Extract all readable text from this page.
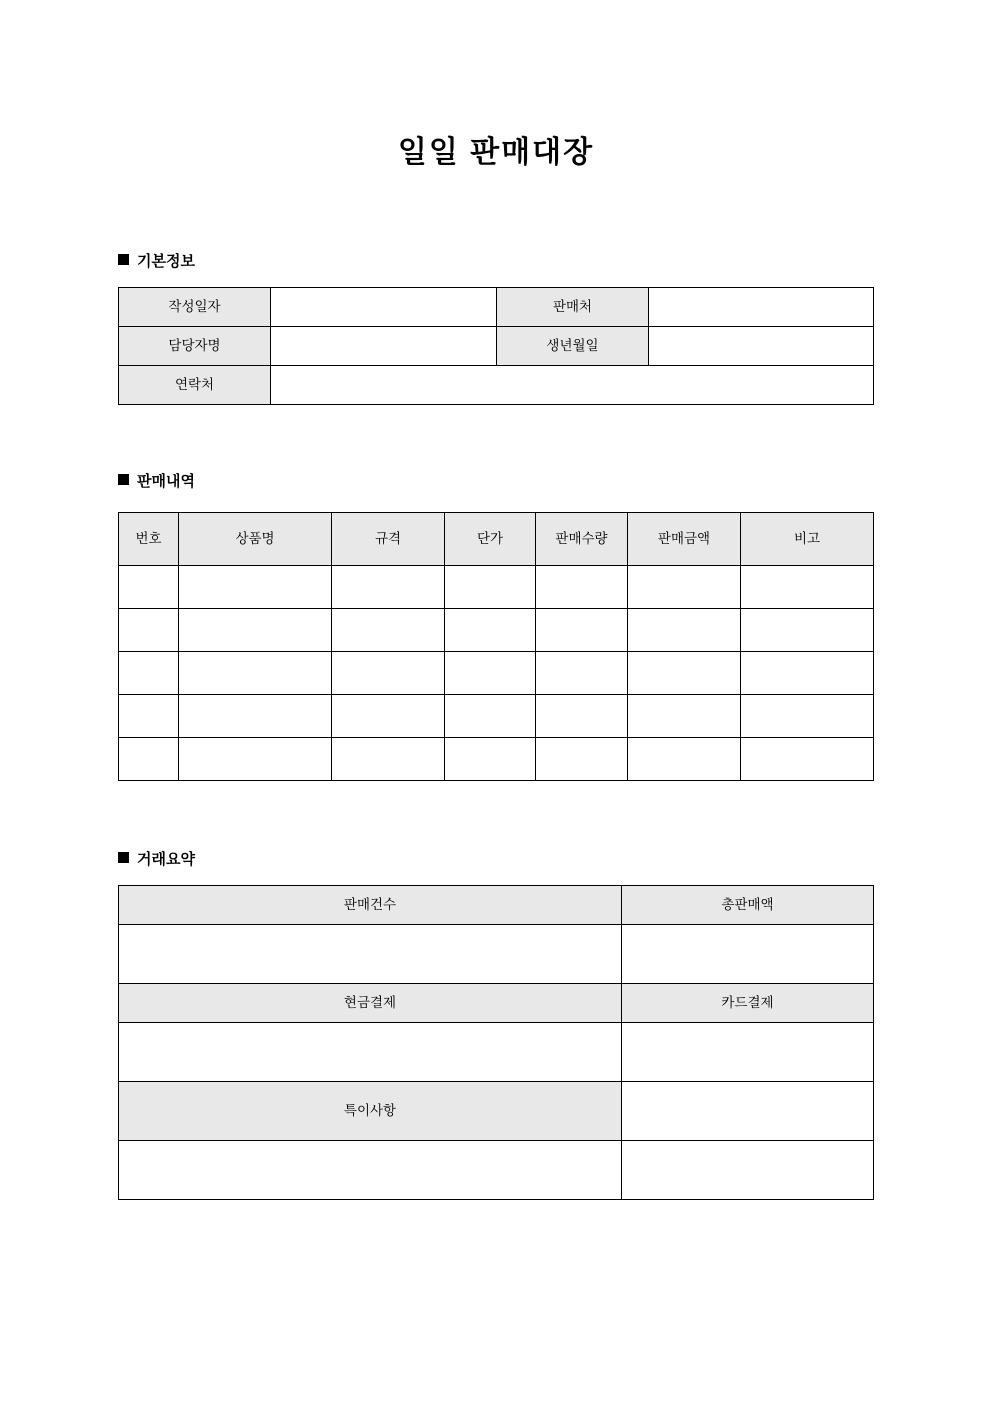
일일 판매대장
기본정보
작성일자		판매처	
담당자명		생년월일	
연락처			
판매내역
번호	상품명	규격	단가	판매수량	판매금액	비고

거래요약
판매건수	총판매액

현금결제	카드결제

특이사항	
